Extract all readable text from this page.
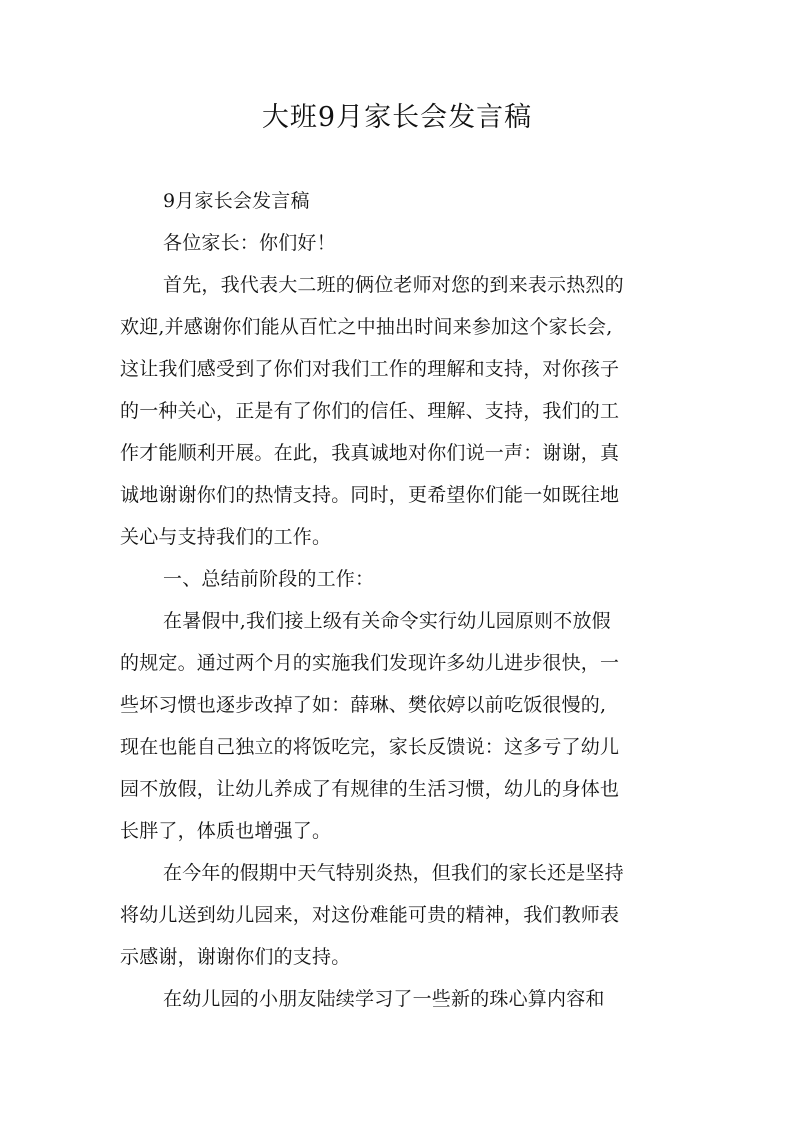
大班9月家长会发言稿
9月家长会发言稿
各位家长：你们好！
首先，我代表大二班的俩位老师对您的到来表示热烈的
欢迎,并感谢你们能从百忙之中抽出时间来参加这个家长会,
这让我们感受到了你们对我们工作的理解和支持，对你孩子
的一种关心，正是有了你们的信任、理解、支持，我们的工
作才能顺利开展。在此，我真诚地对你们说一声：谢谢，真
诚地谢谢你们的热情支持。同时，更希望你们能一如既往地
关心与支持我们的工作。
一、总结前阶段的工作：
在暑假中,我们接上级有关命令实行幼儿园原则不放假
的规定。通过两个月的实施我们发现许多幼儿进步很快，一
些坏习惯也逐步改掉了如：薛琳、樊依婷以前吃饭很慢的,
现在也能自己独立的将饭吃完，家长反馈说：这多亏了幼儿
园不放假，让幼儿养成了有规律的生活习惯，幼儿的身体也
长胖了，体质也增强了。
在今年的假期中天气特别炎热，但我们的家长还是坚持
将幼儿送到幼儿园来，对这份难能可贵的精神，我们教师表
示感谢，谢谢你们的支持。
在幼儿园的小朋友陆续学习了一些新的珠心算内容和
